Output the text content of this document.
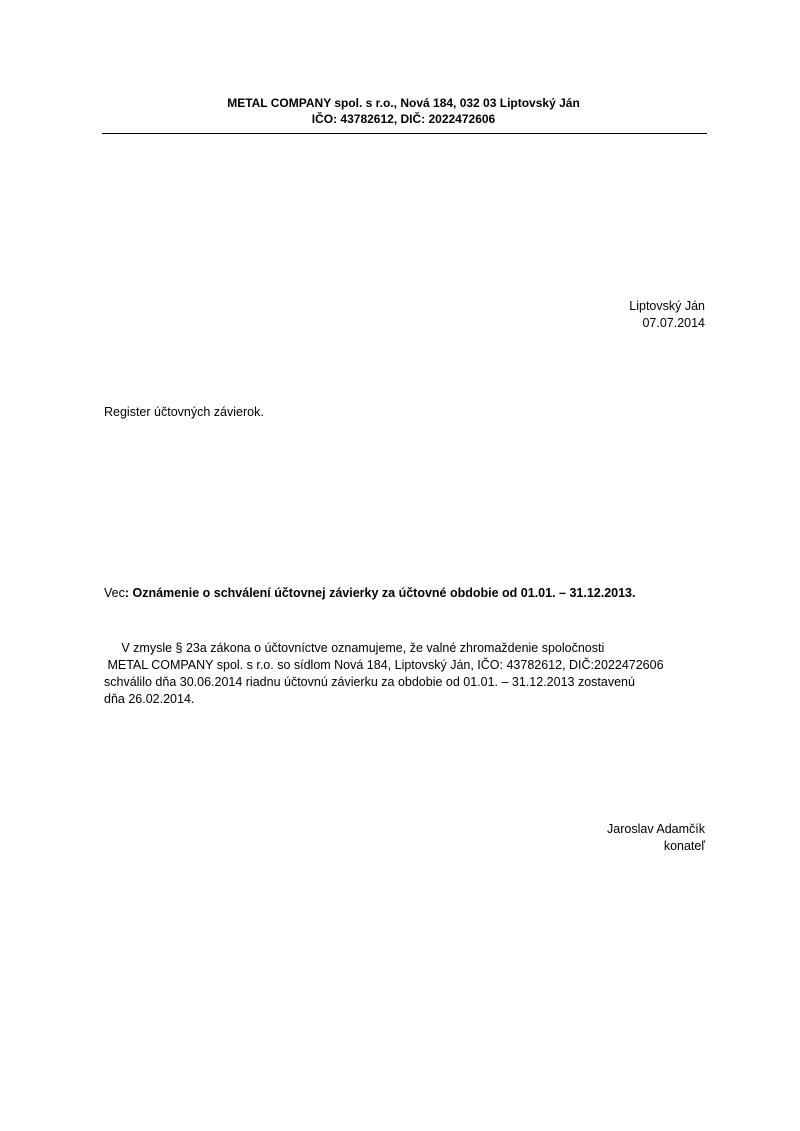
METAL COMPANY spol. s r.o., Nová 184, 032 03 Liptovský Ján
IČO: 43782612, DIČ: 2022472606
Liptovský Ján
07.07.2014
Register účtovných závierok.
Vec: Oznámenie o schválení účtovnej závierky za účtovné obdobie od 01.01. – 31.12.2013.
V zmysle § 23a zákona o účtovníctve oznamujeme, že valné zhromaždenie spoločnosti
METAL COMPANY spol. s r.o. so sídlom Nová 184, Liptovský Ján, IČO: 43782612, DIČ:2022472606
schválilo dňa 30.06.2014 riadnu účtovnú závierku za obdobie od 01.01. – 31.12.2013 zostavenú
dňa 26.02.2014.
Jaroslav Adamčík
konateľ
